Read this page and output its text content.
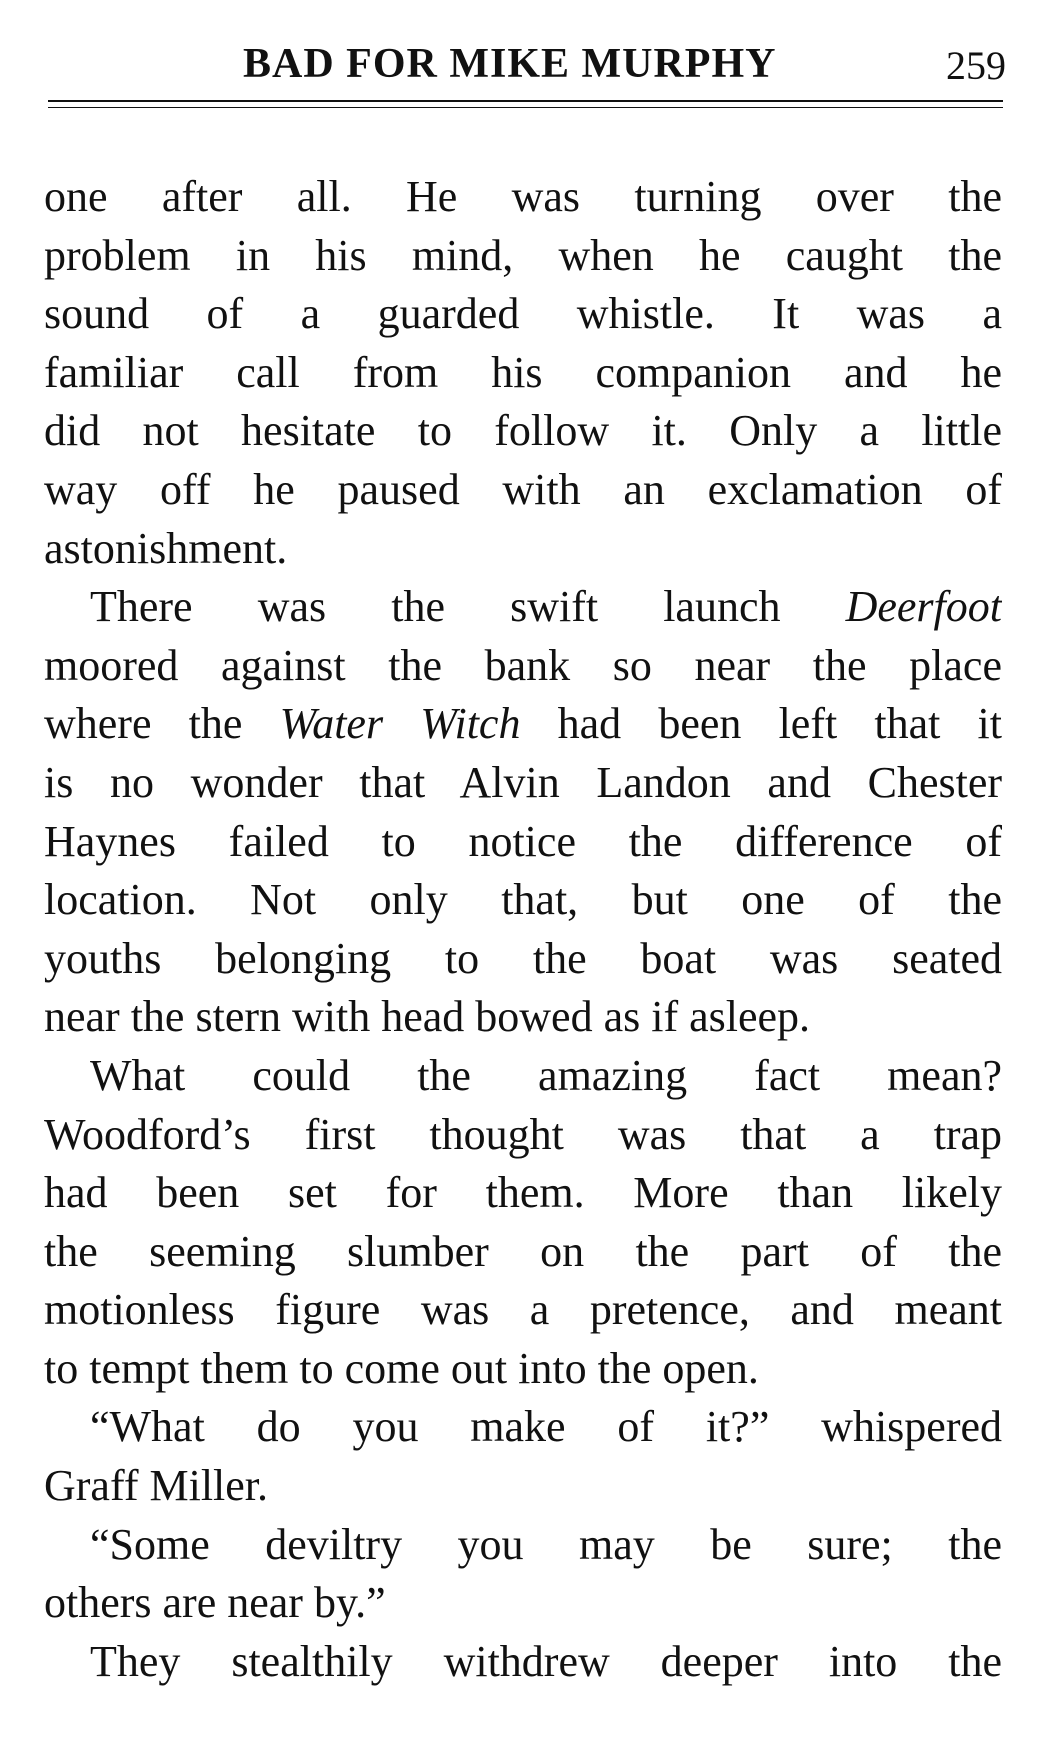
BAD FOR MIKE MURPHY	259
one after all. He was turning over the
problem in his mind, when he caught the
sound of a guarded whistle. It was a
familiar call from his companion and he
did not hesitate to follow it. Only a little
way off he paused with an exclamation of
astonishment.
There was the swift launch Deerfoot
moored against the bank so near the place
where the Water Witch had been left that it
is no wonder that Alvin Landon and Chester
Haynes failed to notice the difference of
location. Not only that, but one of the
youths belonging to the boat was seated
near the stern with head bowed as if asleep.
What could the amazing fact mean?
Woodford’s first thought was that a trap
had been set for them. More than likely
the seeming slumber on the part of the
motionless figure was a pretence, and meant
to tempt them to come out into the open.
“What do you make of it?” whispered
Graff Miller.
“Some deviltry you may be sure; the
others are near by.”
They stealthily withdrew deeper into the
